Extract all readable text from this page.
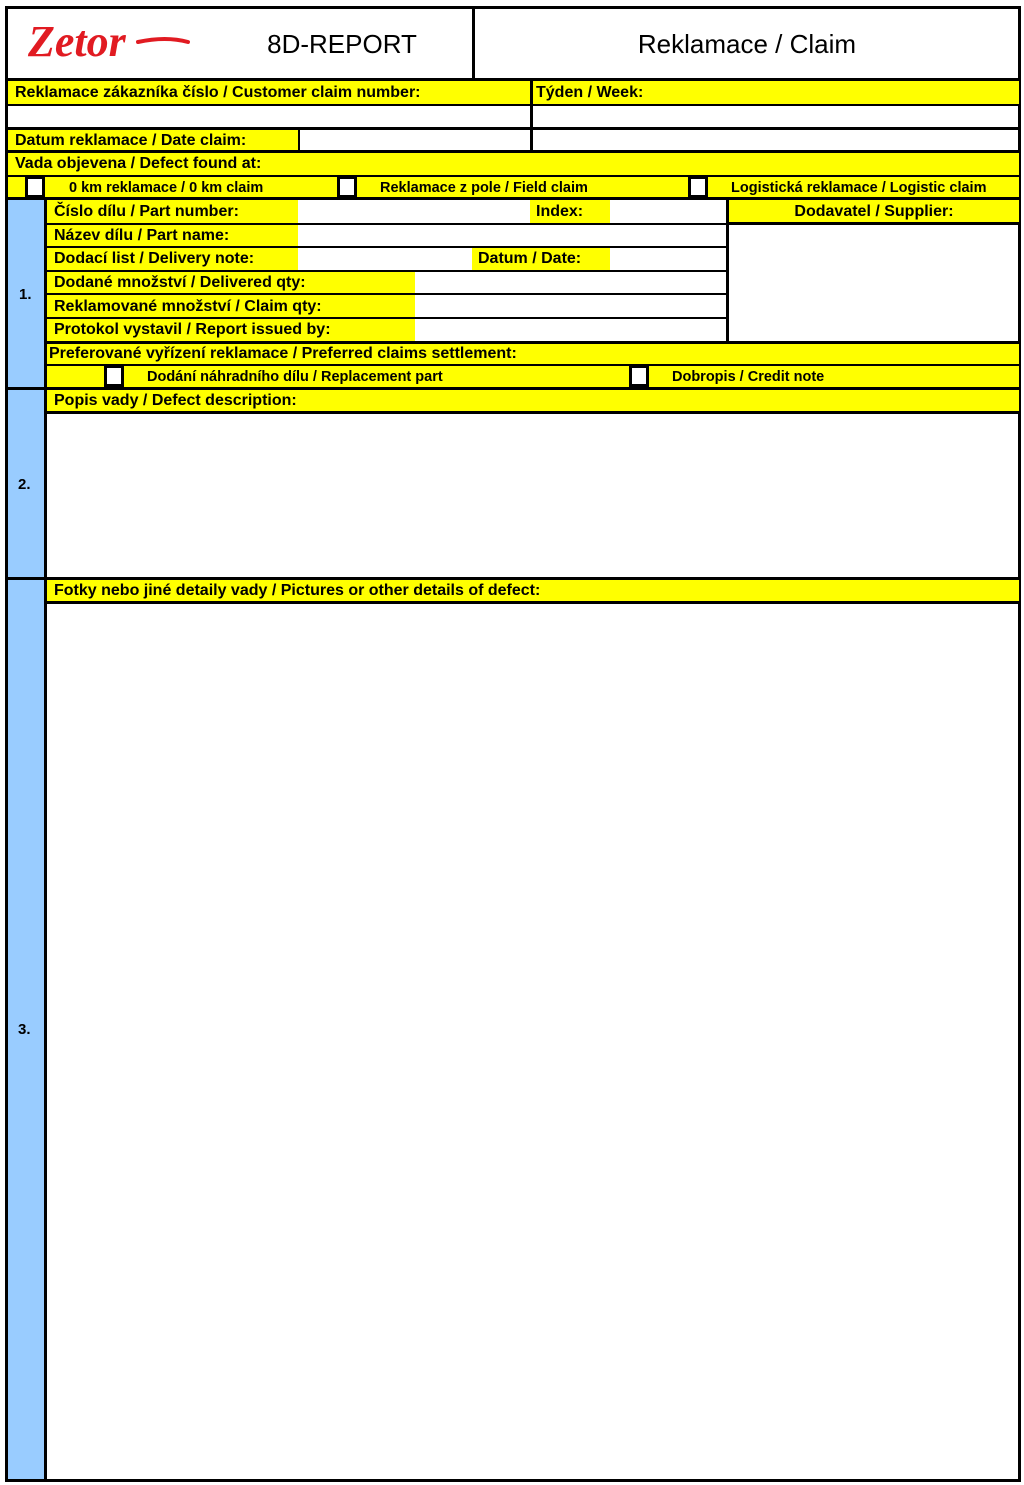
Zetor	8D-REPORT	Reklamace / Claim
Reklamace zákazníka číslo / Customer claim number:	Týden / Week:
Datum reklamace / Date claim:
Vada objevena / Defect found at:
0 km reklamace / 0 km claim	Reklamace z pole / Field claim	Logistická reklamace / Logistic claim
1.
Číslo dílu / Part number:	Index:	Dodavatel / Supplier:
Název dílu / Part name:
Dodací list / Delivery note:	Datum / Date:
Dodané množství / Delivered qty:
Reklamované množství / Claim qty:
Protokol vystavil / Report issued by:
Preferované vyřízení reklamace / Preferred claims settlement:
Dodání náhradního dílu / Replacement part	Dobropis / Credit note
2.
Popis vady / Defect description:
3.
Fotky nebo jiné detaily vady / Pictures or other details of defect:
